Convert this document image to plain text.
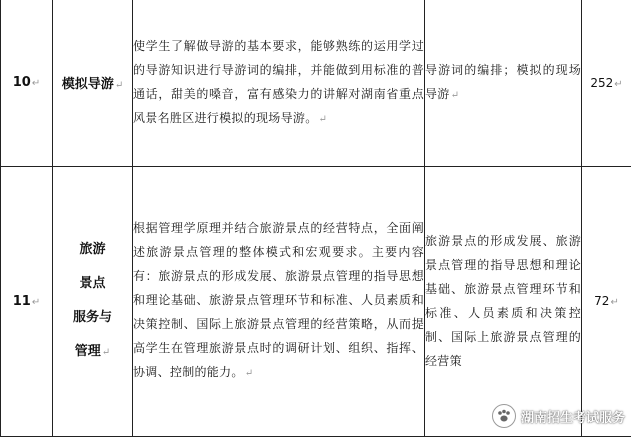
10↵	模拟导游↵	使学生了解做导游的基本要求，能够熟练的运用学过的导游知识进行导游词的编排，并能做到用标准的普通话，甜美的嗓音，富有感染力的讲解对湖南省重点风景名胜区进行模拟的现场导游。↵	导游词的编排；模拟的现场导游↵	252↵
11↵	旅游
景点
服务与
管理↵	根据管理学原理并结合旅游景点的经营特点，全面阐述旅游景点管理的整体模式和宏观要求。主要内容有：旅游景点的形成发展、旅游景点管理的指导思想和理论基础、旅游景点管理环节和标准、人员素质和决策控制、国际上旅游景点管理的经营策略，从而提高学生在管理旅游景点时的调研计划、组织、指挥、协调、控制的能力。↵	旅游景点的形成发展、旅游景点管理的指导思想和理论基础、旅游景点管理环节和标准、人员素质和决策控制、国际上旅游景点管理的经营策	72↵
湖南招生考试服务
